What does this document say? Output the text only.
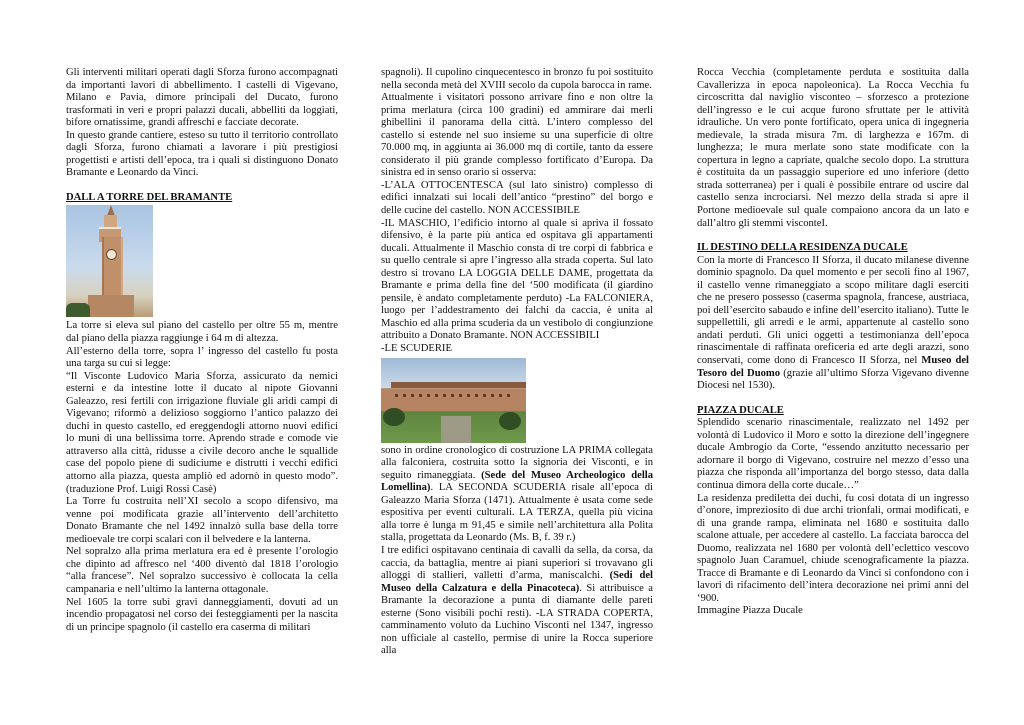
Gli interventi militari operati dagli Sforza furono accompagnati da importanti lavori di abbellimento. I castelli di Vigevano, Milano e Pavia, dimore principali del Ducato, furono trasformati in veri e propri palazzi ducali, abbelliti da loggiati, bifore ornatissime, grandi affreschi e facciate decorate.

In questo grande cantiere, esteso su tutto il territorio controllato dagli Sforza, furono chiamati a lavorare i più prestigiosi progettisti e artisti dell’epoca, tra i quali si distinguono Donato Bramante e Leonardo da Vinci.

DALL A TORRE DEL BRAMANTE

La torre si eleva sul piano del castello per oltre 55 m, mentre dal piano della piazza raggiunge i 64 m di altezza.

All’esterno della torre, sopra l’ ingresso del castello fu posta una targa su cui si legge:

“Il Visconte Ludovico Maria Sforza, assicurato da nemici esterni e da intestine lotte il ducato al nipote Giovanni Galeazzo, resi fertili con irrigazione fluviale gli aridi campi di Vigevano; riformò a delizioso soggiorno l’antico palazzo dei duchi in questo castello, ed ereggendogli attorno nuovi edifici lo munì di una bellissima torre. Aprendo strade e comode vie attraverso alla città, ridusse a civile decoro anche le squallide case del popolo piene di sudiciume e distrutti i vecchi edifici attorno alla piazza, questa ampliò ed adornò in questo modo”. (traduzione Prof. Luigi Rossi Casè)

La Torre fu costruita nell’XI secolo a scopo difensivo, ma venne poi modificata grazie all’intervento dell’architetto Donato Bramante che nel 1492 innalzò sulla base della torre medioevale tre corpi scalari con il belvedere e la lanterna.

Nel sopralzo alla prima merlatura era ed è presente l’orologio che dipinto ad affresco nel ‘400 diventò dal 1818 l’orologio “alla francese”. Nel sopralzo successivo è collocata la cella campanaria e nell’ultimo la lanterna ottagonale.

Nel 1605 la torre subì gravi danneggiamenti, dovuti ad un incendio propagatosi nel corso dei festeggiamenti per la nascita di un principe spagnolo (il castello era caserma di militari

spagnoli). Il cupolino cinquecentesco in bronzo fu poi sostituito nella seconda metà del XVIII secolo da cupola barocca in rame.

Attualmente i visitatori possono arrivare fino e non oltre la prima merlatura (circa 100 gradini) ed ammirare dai merli ghibellini il panorama della città. L’intero complesso del castello si estende nel suo insieme su una superficie di oltre 70.000 mq, in aggiunta ai 36.000 mq di cortile, tanto da essere considerato il più grande complesso fortificato d’Europa. Da sinistra ed in senso orario si osserva:

-L’ALA OTTOCENTESCA (sul lato sinistro) complesso di edifici innalzati sui locali dell’antico “prestino” del borgo e delle cucine del castello. NON ACCESSIBILE

-IL MASCHIO, l’edificio intorno al quale si apriva il fossato difensivo, è la parte più antica ed ospitava gli appartamenti ducali. Attualmente il Maschio consta di tre corpi di fabbrica e su quello centrale si apre l’ingresso alla strada coperta. Sul lato destro si trovano LA LOGGIA DELLE DAME, progettata da Bramante e prima della fine del ‘500 modificata (il giardino pensile, è andato completamente perduto) -La FALCONIERA, luogo per l’addestramento dei falchi da caccia, è unita al Maschio ed alla prima scuderia da un vestibolo di congiunzione attribuito a Donato Bramante. NON ACCESSIBILI

-LE SCUDERIE

sono in ordine cronologico di costruzione LA PRIMA collegata alla falconiera, costruita sotto la signoria dei Visconti, e in seguito rimaneggiata. (Sede del Museo Archeologico della Lomellina). LA SECONDA SCUDERIA risale all’epoca di Galeazzo Maria Sforza (1471). Attualmente è usata come sede espositiva per eventi culturali. LA TERZA, quella più vicina alla torre è lunga m 91,45 e simile nell’architettura alla Polita stalla, progettata da Leonardo (Ms. B, f. 39 r.)

I tre edifici ospitavano centinaia di cavalli da sella, da corsa, da caccia, da battaglia, mentre ai piani superiori si trovavano gli alloggi di stallieri, valletti d’arma, maniscalchi. (Sedi del Museo della Calzatura e della Pinacoteca). Si attribuisce a Bramante la decorazione a punta di diamante delle pareti esterne (Sono visibili pochi resti). -LA STRADA COPERTA, camminamento voluto da Luchino Visconti nel 1347, ingresso non ufficiale al castello, permise di unire la Rocca superiore alla

Rocca Vecchia (completamente perduta e sostituita dalla Cavallerizza in epoca napoleonica). La Rocca Vecchia fu circoscritta dal naviglio visconteo – sforzesco a protezione dell’ingresso e le cui acque furono sfruttate per le attività idrauliche. Un vero ponte fortificato, opera unica di ingegneria medievale, la strada misura 7m. di larghezza e 167m. di lunghezza; le mura merlate sono state modificate con la copertura in legno a capriate, qualche secolo dopo. La struttura è costituita da un passaggio superiore ed uno inferiore (detto strada sotterranea) per i quali è possibile entrare od uscire dal castello senza incrociarsi. Nel mezzo della strada si apre il Portone medioevale sul quale compaiono ancora da un lato e dall’altro gli stemmi visconteI.

IL DESTINO DELLA RESIDENZA DUCALE

Con la morte di Francesco II Sforza, il ducato milanese divenne dominio spagnolo. Da quel momento e per secoli fino al 1967, il castello venne rimaneggiato a scopo militare dagli eserciti che ne presero possesso (caserma spagnola, francese, austriaca, poi dell’esercito sabaudo e infine dell’esercito italiano). Tutte le suppellettili, gli arredi e le armi, appartenute al castello sono andati perduti. Gli unici oggetti a testimonianza dell’epoca rinascimentale di raffinata oreficeria ed arte degli arazzi, sono conservati, come dono di Francesco II Sforza, nel Museo del Tesoro del Duomo (grazie all’ultimo Sforza Vigevano divenne Diocesi nel 1530).

PIAZZA DUCALE

Splendido scenario rinascimentale, realizzato nel 1492 per volontà di Ludovico il Moro e sotto la direzione dell’ingegnere ducale Ambrogio da Corte, “essendo anzitutto necessario per adornare il borgo di Vigevano, costruire nel mezzo d’esso una piazza che risponda all’importanza del borgo stesso, data dalla continua dimora della corte ducale…”

La residenza prediletta dei duchi, fu così dotata di un ingresso d’onore, impreziosito di due archi trionfali, ormai modificati, e di una grande rampa, eliminata nel 1680 e sostituita dallo scalone attuale, per accedere al castello. La facciata barocca del Duomo, realizzata nel 1680 per volontà dell’eclettico vescovo spagnolo Juan Caramuel, chiude scenograficamente la piazza. Tracce di Bramante e di Leonardo da Vinci si confondono con i lavori di rifacimento dell’intera decorazione nei primi anni del ‘900.

Immagine Piazza Ducale
